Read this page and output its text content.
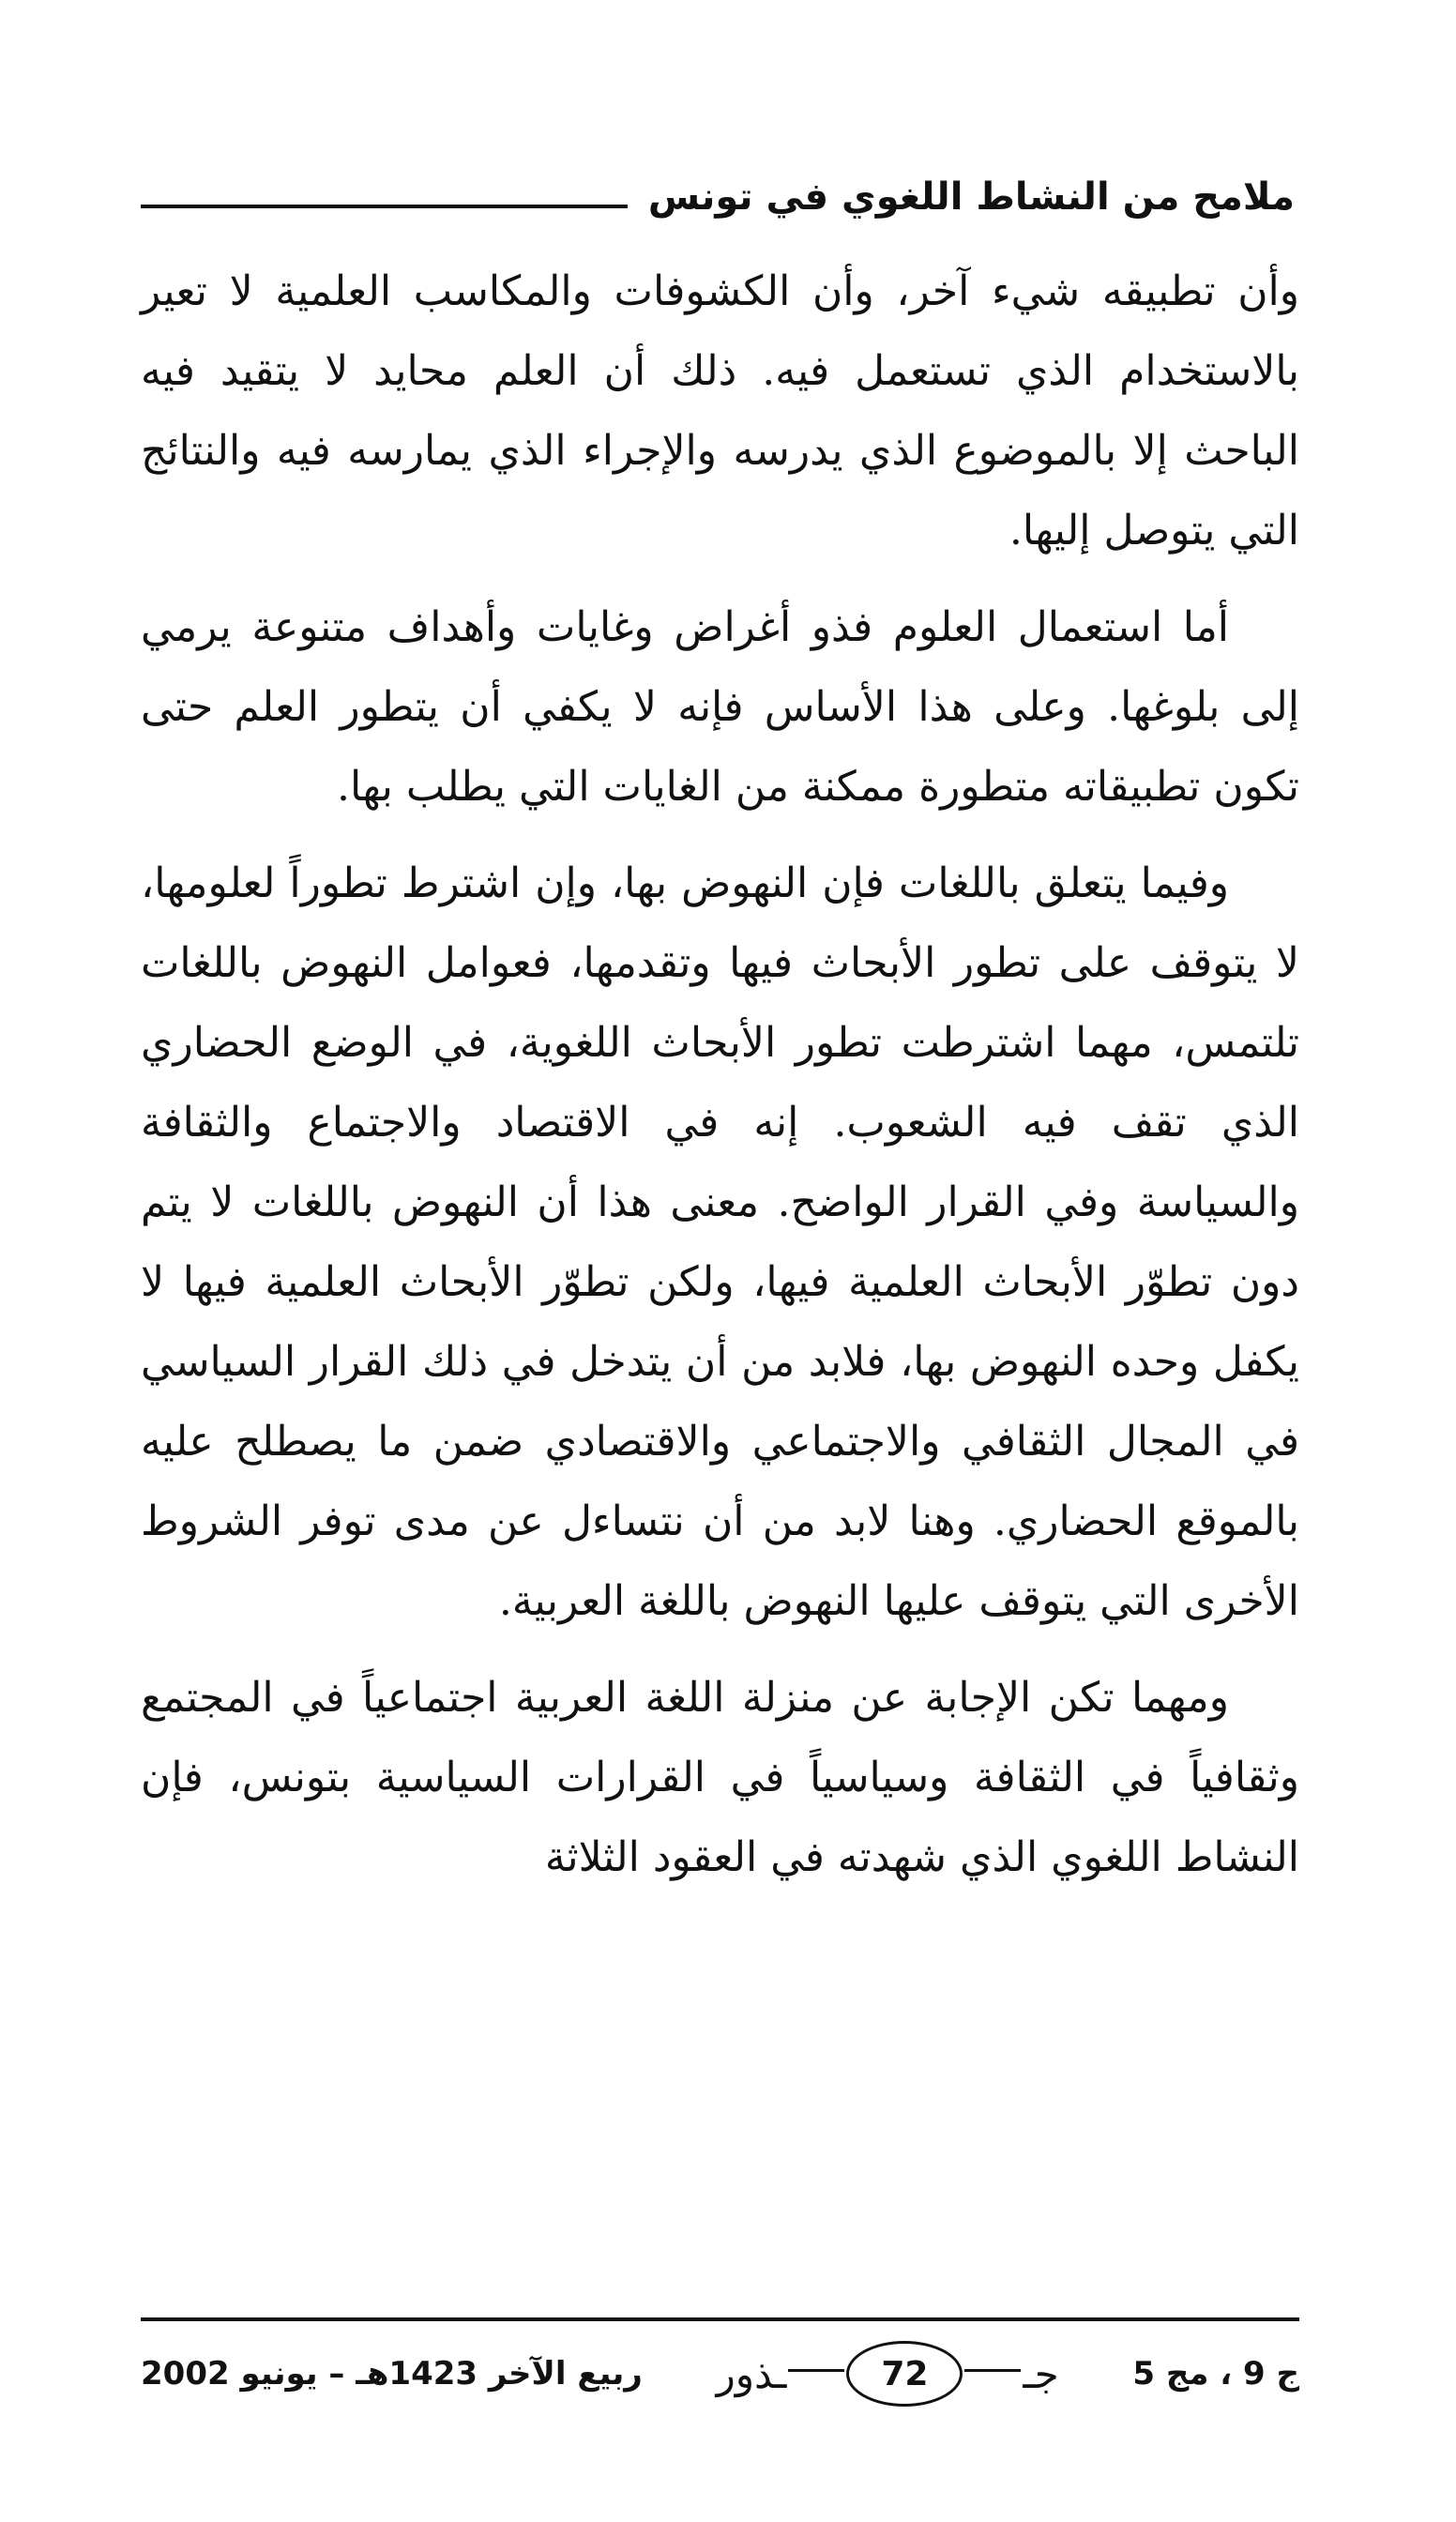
ملامح من النشاط اللغوي في تونس

وأن تطبيقه شيء آخر، وأن الكشوفات والمكاسب العلمية لا تعير بالاستخدام الذي تستعمل فيه. ذلك أن العلم محايد لا يتقيد فيه الباحث إلا بالموضوع الذي يدرسه والإجراء الذي يمارسه فيه والنتائج التي يتوصل إليها.

أما استعمال العلوم فذو أغراض وغايات وأهداف متنوعة يرمي إلى بلوغها. وعلى هذا الأساس فإنه لا يكفي أن يتطور العلم حتى تكون تطبيقاته متطورة ممكنة من الغايات التي يطلب بها.

وفيما يتعلق باللغات فإن النهوض بها، وإن اشترط تطوراً لعلومها، لا يتوقف على تطور الأبحاث فيها وتقدمها، فعوامل النهوض باللغات تلتمس، مهما اشترطت تطور الأبحاث اللغوية، في الوضع الحضاري الذي تقف فيه الشعوب. إنه في الاقتصاد والاجتماع والثقافة والسياسة وفي القرار الواضح. معنى هذا أن النهوض باللغات لا يتم دون تطوّر الأبحاث العلمية فيها، ولكن تطوّر الأبحاث العلمية فيها لا يكفل وحده النهوض بها، فلابد من أن يتدخل في ذلك القرار السياسي في المجال الثقافي والاجتماعي والاقتصادي ضمن ما يصطلح عليه بالموقع الحضاري. وهنا لابد من أن نتساءل عن مدى توفر الشروط الأخرى التي يتوقف عليها النهوض باللغة العربية.

ومهما تكن الإجابة عن منزلة اللغة العربية اجتماعياً في المجتمع وثقافياً في الثقافة وسياسياً في القرارات السياسية بتونس، فإن النشاط اللغوي الذي شهدته في العقود الثلاثة

ج 9 ، مج 5
جـ
72
ـذور
ربيع الآخر 1423هـ – يونيو 2002
